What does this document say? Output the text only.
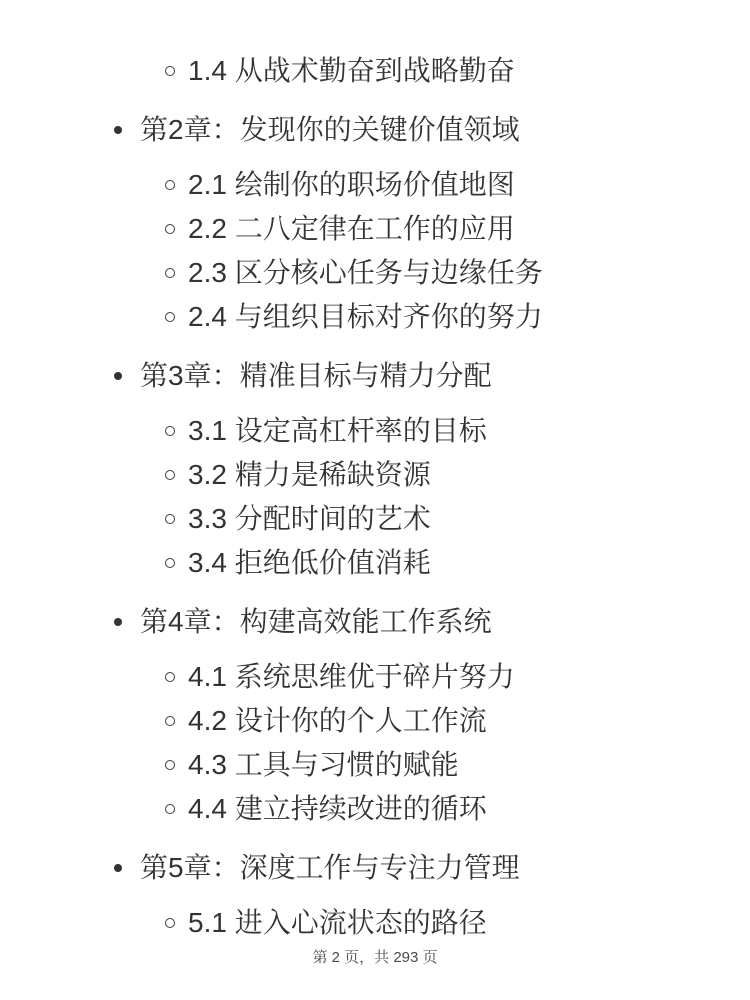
1.4 从战术勤奋到战略勤奋
第2章：发现你的关键价值领域
2.1 绘制你的职场价值地图
2.2 二八定律在工作的应用
2.3 区分核心任务与边缘任务
2.4 与组织目标对齐你的努力
第3章：精准目标与精力分配
3.1 设定高杠杆率的目标
3.2 精力是稀缺资源
3.3 分配时间的艺术
3.4 拒绝低价值消耗
第4章：构建高效能工作系统
4.1 系统思维优于碎片努力
4.2 设计你的个人工作流
4.3 工具与习惯的赋能
4.4 建立持续改进的循环
第5章：深度工作与专注力管理
5.1 进入心流状态的路径
第 2 页，共 293 页
